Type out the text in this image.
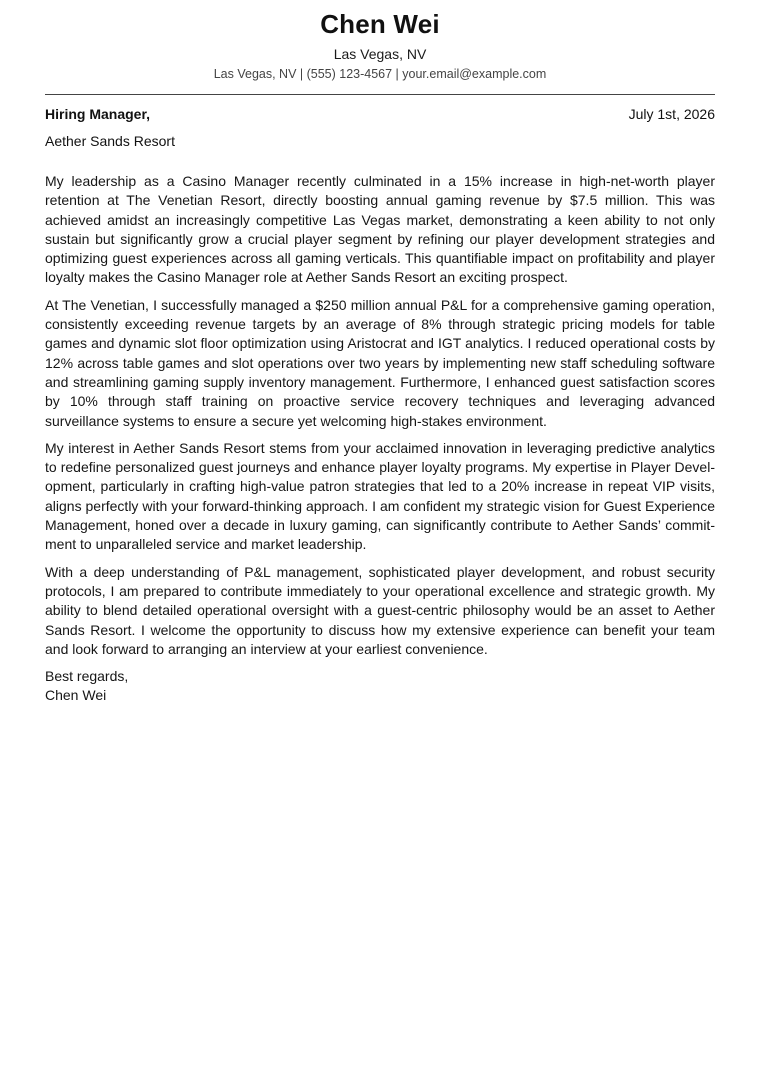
Chen Wei
Las Vegas, NV
Las Vegas, NV | (555) 123-4567 | your.email@example.com
Hiring Manager,	July 1st, 2026
Aether Sands Resort

My leadership as a Casino Manager recently culminated in a 15% increase in high-net-worth player retention at The Venetian Resort, directly boosting annual gaming revenue by $7.5 million. This was achieved amidst an increasingly competitive Las Vegas market, demonstrating a keen ability to not only sustain but significantly grow a crucial player segment by refining our player development strategies and optimizing guest experiences across all gaming verticals. This quantifiable impact on profitability and player loyalty makes the Casino Manager role at Aether Sands Resort an exciting prospect.

At The Venetian, I successfully managed a $250 million annual P&L for a comprehensive gaming operation, consistently exceeding revenue targets by an average of 8% through strategic pricing models for table games and dynamic slot floor optimization using Aristocrat and IGT analytics. I reduced operational costs by 12% across table games and slot operations over two years by implementing new staff scheduling software and streamlining gaming supply inventory management. Furthermore, I enhanced guest satisfaction scores by 10% through staff training on proactive service recovery techniques and leveraging advanced surveillance systems to ensure a secure yet welcoming high-stakes environment.

My interest in Aether Sands Resort stems from your acclaimed innovation in leveraging predictive analytics to redefine personalized guest journeys and enhance player loyalty programs. My expertise in Player Development, particularly in crafting high-value patron strategies that led to a 20% increase in repeat VIP visits, aligns perfectly with your forward-thinking approach. I am confident my strategic vision for Guest Experience Management, honed over a decade in luxury gaming, can significantly contribute to Aether Sands’ commitment to unparalleled service and market leadership.

With a deep understanding of P&L management, sophisticated player development, and robust security protocols, I am prepared to contribute immediately to your operational excellence and strategic growth. My ability to blend detailed operational oversight with a guest-centric philosophy would be an asset to Aether Sands Resort. I welcome the opportunity to discuss how my extensive experience can benefit your team and look forward to arranging an interview at your earliest convenience.

Best regards,
Chen Wei
